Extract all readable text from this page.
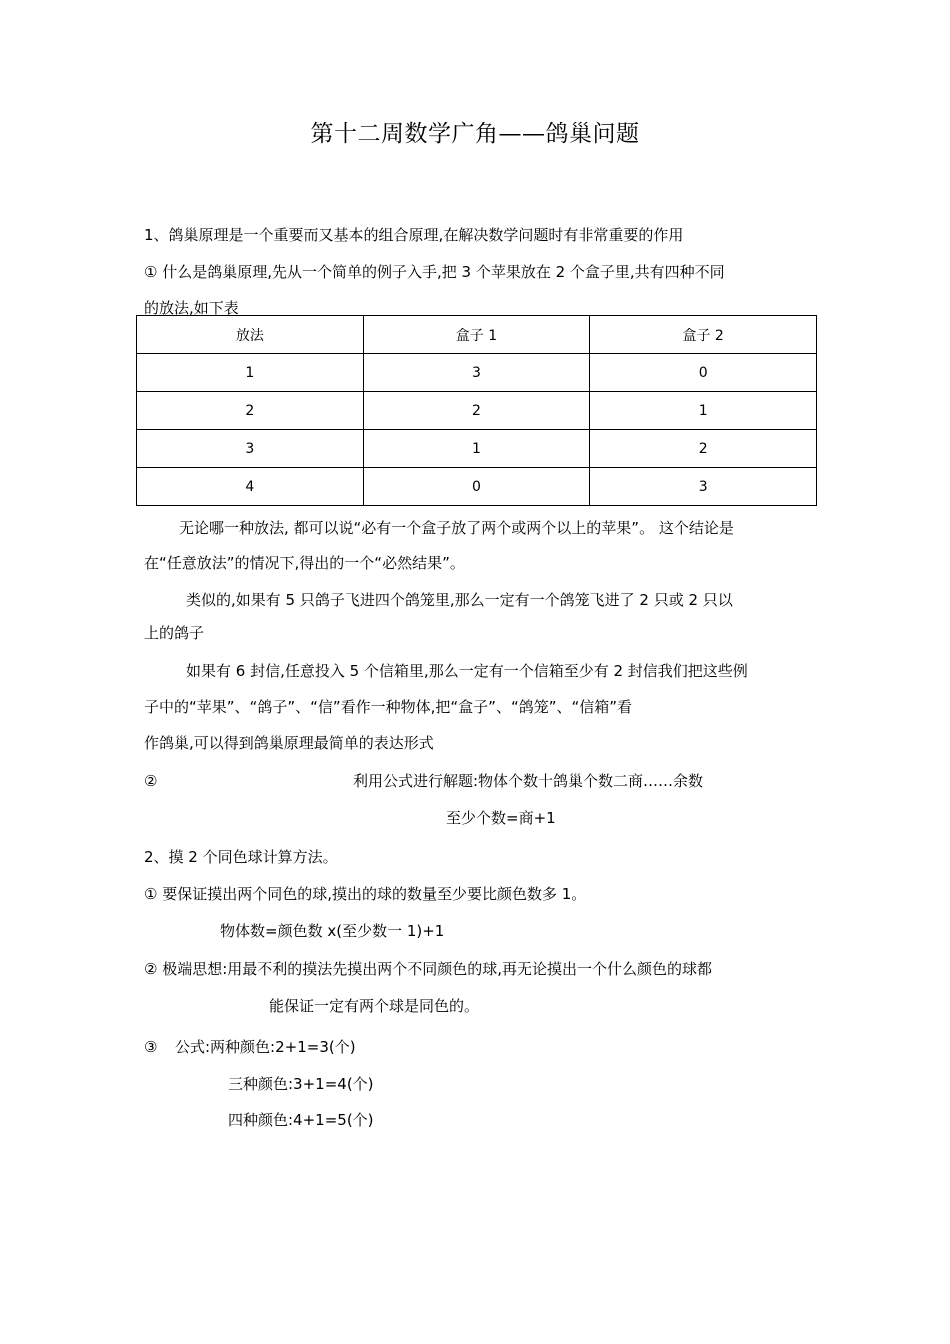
第十二周数学广角——鸽巢问题
1、鸽巢原理是一个重要而又基本的组合原理,在解决数学问题时有非常重要的作用
① 什么是鸽巢原理,先从一个简单的例子入手,把 3 个苹果放在 2 个盒子里,共有四种不同
的放法,如下表
放法	盒子 1	盒子 2
1	3	0
2	2	1
3	1	2
4	0	3
无论哪一种放法, 都可以说“必有一个盒子放了两个或两个以上的苹果”。 这个结论是
在“任意放法”的情况下,得出的一个“必然结果”。
类似的,如果有 5 只鸽子飞进四个鸽笼里,那么一定有一个鸽笼飞进了 2 只或 2 只以
上的鸽子
如果有 6 封信,任意投入 5 个信箱里,那么一定有一个信箱至少有 2 封信我们把这些例
子中的“苹果”、“鸽子”、“信”看作一种物体,把“盒子”、“鸽笼”、“信箱”看
作鸽巢,可以得到鸽巢原理最简单的表达形式
②	利用公式进行解题:物体个数十鸽巢个数二商……余数
至少个数=商+1
2、摸 2 个同色球计算方法。
① 要保证摸出两个同色的球,摸出的球的数量至少要比颜色数多 1。
物体数=颜色数 x(至少数一 1)+1
② 极端思想:用最不利的摸法先摸出两个不同颜色的球,再无论摸出一个什么颜色的球都
能保证一定有两个球是同色的。
③ 公式:两种颜色:2+1=3(个)
三种颜色:3+1=4(个)
四种颜色:4+1=5(个)
